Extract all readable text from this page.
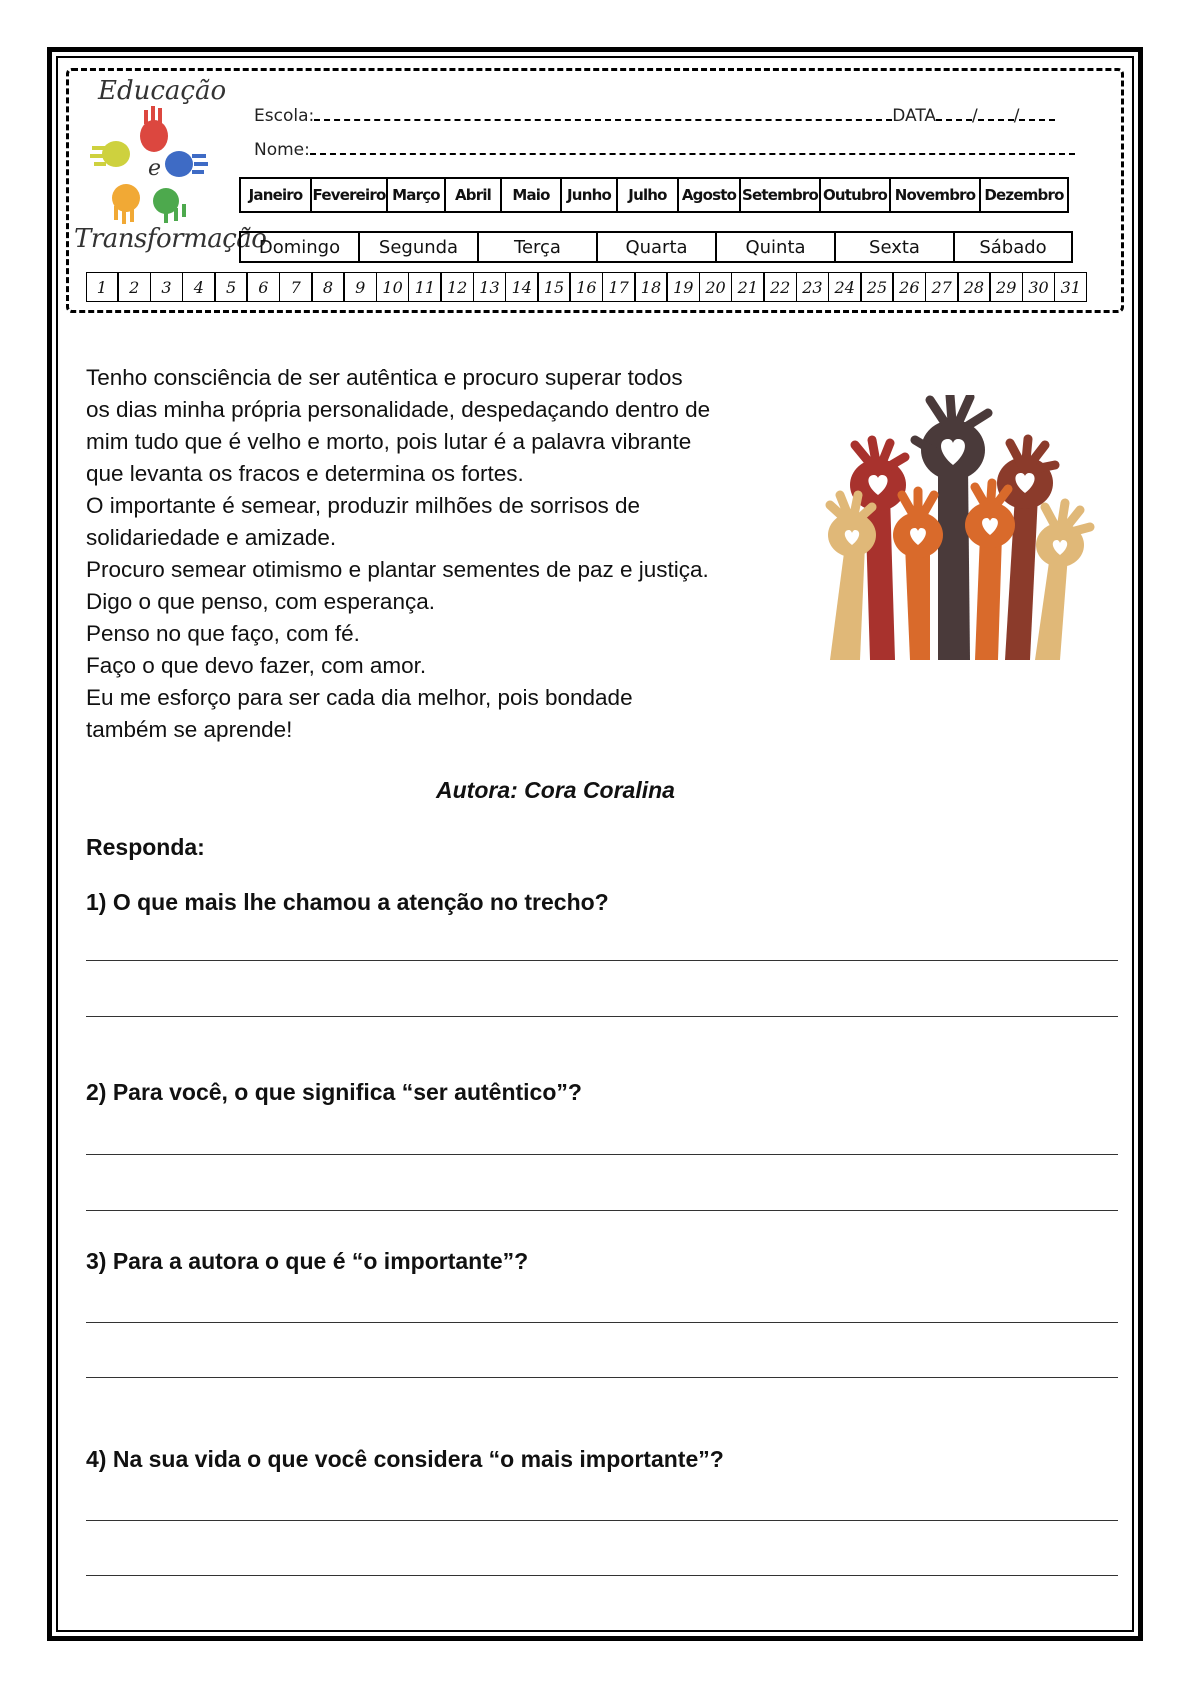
Educação
e
Transformação
Escola:	DATA / /
Nome:
Janeiro Fevereiro Março	Abril	Maio	Junho	Julho	Agosto Setembro Outubro Novembro Dezembro
Domingo	Segunda	Terça	Quarta	Quinta	Sexta	Sábado
1	2	3	4	5	6	7	8	9	10 11 12 13 14 15 16 17 18 19 20 21 22 23 24 25 26 27 28 29 30 31

Tenho consciência de ser autêntica e procuro superar todos

os dias minha própria personalidade, despedaçando dentro de

mim tudo que é velho e morto, pois lutar é a palavra vibrante

que levanta os fracos e determina os fortes.

O importante é semear, produzir milhões de sorrisos de

solidariedade e amizade.

Procuro semear otimismo e plantar sementes de paz e justiça.

Digo o que penso, com esperança.

Penso no que faço, com fé.

Faço o que devo fazer, com amor.

Eu me esforço para ser cada dia melhor, pois bondade

também se aprende!

Autora: Cora Coralina
Responda:
1) O que mais lhe chamou a atenção no trecho?
2) Para você, o que significa “ser autêntico”?
3) Para a autora o que é “o importante”?
4) Na sua vida o que você considera “o mais importante”?
